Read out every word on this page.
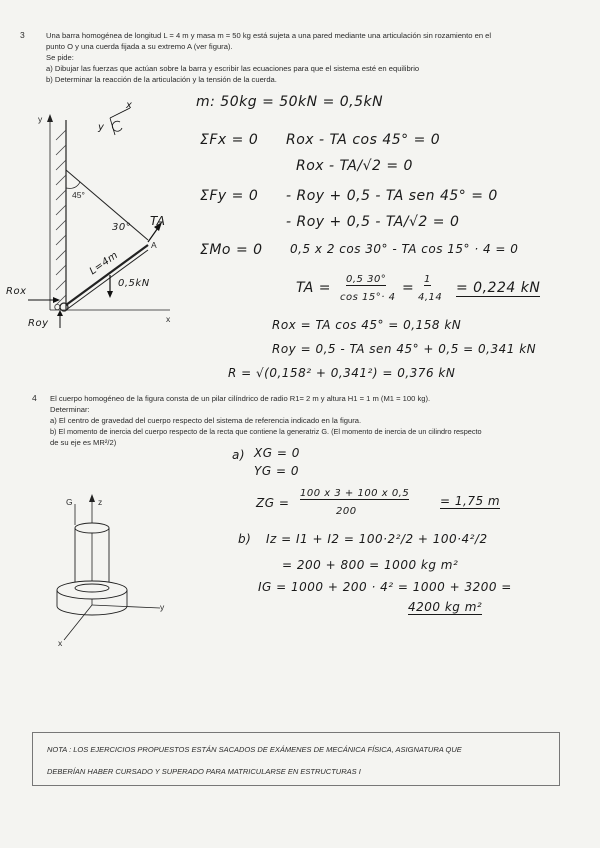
3	Una barra homogénea de longitud L = 4 m y masa m = 50 kg está sujeta a una pared mediante una articulación sin rozamiento en el
punto O y una cuerda fijada a su extremo A (ver figura).
Se pide:
a) Dibujar las fuerzas que actúan sobre la barra y escribir las ecuaciones para que el sistema esté en equilibrio
b) Determinar la reacción de la articulación y la tensión de la cuerda.
y
x
O
A
45°
30°
Rox
Roy
TA
L=4m
0,5kN
y
x	m: 50kg = 50kN = 0,5kN
ΣFx = 0 Rox - TA cos 45° = 0
Rox - TA/√2 = 0
ΣFy = 0 - Roy + 0,5 - TA sen 45° = 0
- Roy + 0,5 - TA/√2 = 0
ΣMo = 0 0,5 x 2 cos 30° - TA cos 15° · 4 = 0
TA =
0,5 30°
cos 15°· 4
=
1
4,14
= 0,224 kN
Rox = TA cos 45° = 0,158 kN
Roy = 0,5 - TA sen 45° + 0,5 = 0,341 kN
R = √(0,158² + 0,341²) = 0,376 kN
4 El cuerpo homogéneo de la figura consta de un pilar cilíndrico de radio R1= 2 m y altura H1 = 1 m (M1 = 100 kg).
Determinar:
a) El centro de gravedad del cuerpo respecto del sistema de referencia indicado en la figura.
b) El momento de inercia del cuerpo respecto de la recta que contiene la generatriz G. (El momento de inercia de un cilindro respecto
de su eje es MR²/2)
G	z
y
x
a) XG = 0
YG = 0
ZG =
100 x 3 + 100 x 0,5
200
= 1,75 m
b) Iz = I1 + I2 = 100·2²/2 + 100·4²/2
= 200 + 800 = 1000 kg m²
IG = 1000 + 200 · 4² = 1000 + 3200 =
4200 kg m²
NOTA : LOS EJERCICIOS PROPUESTOS ESTÁN SACADOS DE EXÁMENES DE MECÁNICA FÍSICA, ASIGNATURA QUE
DEBERÍAN HABER CURSADO Y SUPERADO PARA MATRICULARSE EN ESTRUCTURAS I
